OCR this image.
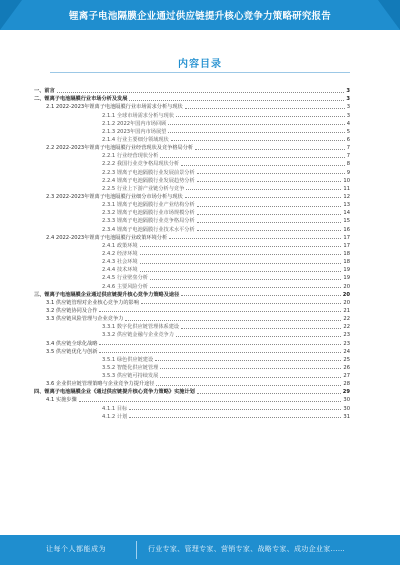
锂离子电池隔膜企业通过供应链提升核心竞争力策略研究报告
内容目录
一、前言	3
二、锂离子电池隔膜行业市场分析及发展	3
2.1 2022-2023年锂离子电池隔膜行业市场需求分析与现状	3
2.1.1 全球市场需求分析与现状	3
2.1.2 2022年国内市场回顾	4
2.1.3 2023年国内市场展望	5
2.1.4 行业主要细分领域现状	6
2.2 2022-2023年锂离子电池隔膜行业经营现状及竞争格局分析	7
2.2.1 行业经营现状分析	7
2.2.2 我国行业竞争格局现状分析	8
2.2.3 锂离子电池隔膜行业发展前景分析	9
2.2.4 锂离子电池隔膜行业发展趋势分析	10
2.2.5 行业上下游产业链分析与竞争	11
2.3 2022-2023年锂离子电池隔膜行业细分市场分析与现状	12
2.3.1 锂离子电池隔膜行业产业结构分析	13
2.3.2 锂离子电池隔膜行业市场规模分析	14
2.3.3 锂离子电池隔膜行业竞争格局分析	15
2.3.4 锂离子电池隔膜行业技术水平分析	16
2.4 2022-2023年锂离子电池隔膜行业政策环境分析	17
2.4.1 政策环境	17
2.4.2 经济环境	18
2.4.3 社会环境	18
2.4.4 技术环境	19
2.4.5 行业壁垒分析	19
2.4.6 主要风险分析	20
三、锂离子电池隔膜企业通过供应链提升核心竞争力策略及途径	20
3.1 供应链管理对企业核心竞争力的影响	20
3.2 供应链协同及合作	21
3.3 供应链风险管理与企业竞争力	22
3.3.1 数字化供应链管理体系建设	22
3.3.2 供应链金融与企业竞争力	23
3.4 供应链全球化战略	23
3.5 供应链优化与创新	24
3.5.1 绿色供应链建设	25
3.5.2 智能化供应链管理	26
3.5.3 供应链可持续发展	27
3.6 企业供应链管理策略与企业竞争力提升途径	28
四、锂离子电池隔膜企业《通过供应链提升核心竞争力策略》实施计划	29
4.1 实施步骤	30
4.1.1 目标	30
4.1.2 计划	31
让每个人都能成为	行业专家、管理专家、营销专家、战略专家、成功企业家……
